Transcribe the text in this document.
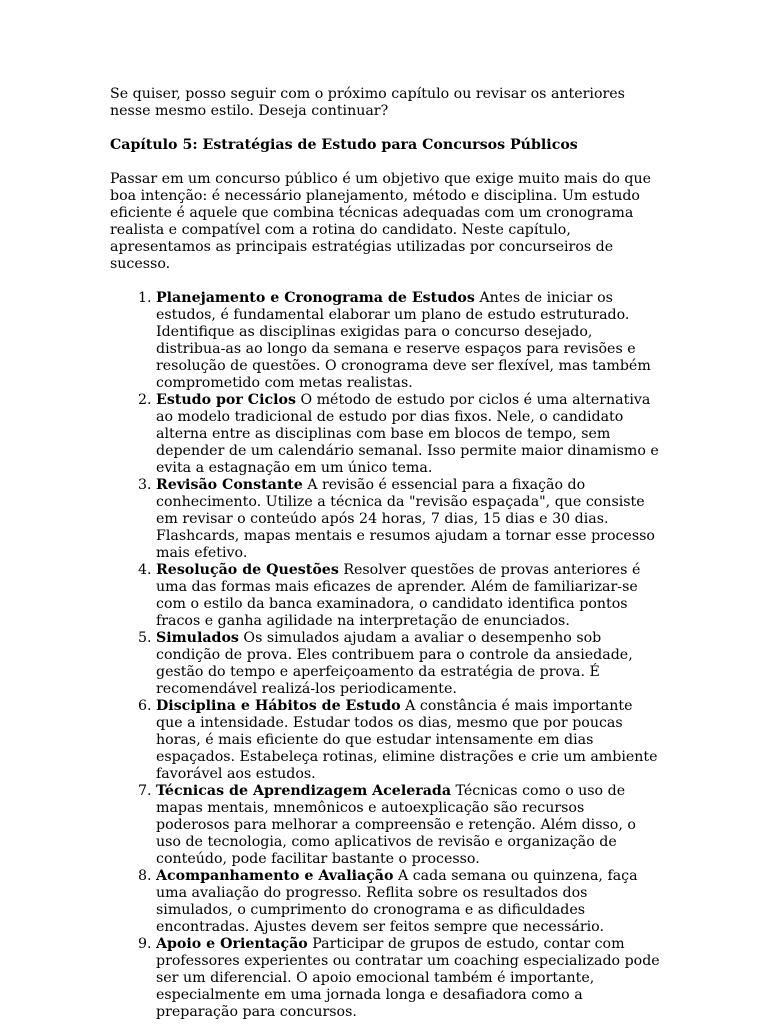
Se quiser, posso seguir com o próximo capítulo ou revisar os anteriores nesse mesmo estilo. Deseja continuar?

Capítulo 5: Estratégias de Estudo para Concursos Públicos

Passar em um concurso público é um objetivo que exige muito mais do que boa intenção: é necessário planejamento, método e disciplina. Um estudo eficiente é aquele que combina técnicas adequadas com um cronograma realista e compatível com a rotina do candidato. Neste capítulo, apresentamos as principais estratégias utilizadas por concurseiros de sucesso.

1. Planejamento e Cronograma de Estudos Antes de iniciar os estudos, é fundamental elaborar um plano de estudo estruturado. Identifique as disciplinas exigidas para o concurso desejado, distribua-as ao longo da semana e reserve espaços para revisões e resolução de questões. O cronograma deve ser flexível, mas também comprometido com metas realistas.
2. Estudo por Ciclos O método de estudo por ciclos é uma alternativa ao modelo tradicional de estudo por dias fixos. Nele, o candidato alterna entre as disciplinas com base em blocos de tempo, sem depender de um calendário semanal. Isso permite maior dinamismo e evita a estagnação em um único tema.
3. Revisão Constante A revisão é essencial para a fixação do conhecimento. Utilize a técnica da "revisão espaçada", que consiste em revisar o conteúdo após 24 horas, 7 dias, 15 dias e 30 dias. Flashcards, mapas mentais e resumos ajudam a tornar esse processo mais efetivo.
4. Resolução de Questões Resolver questões de provas anteriores é uma das formas mais eficazes de aprender. Além de familiarizar-se com o estilo da banca examinadora, o candidato identifica pontos fracos e ganha agilidade na interpretação de enunciados.
5. Simulados Os simulados ajudam a avaliar o desempenho sob condição de prova. Eles contribuem para o controle da ansiedade, gestão do tempo e aperfeiçoamento da estratégia de prova. É recomendável realizá-los periodicamente.
6. Disciplina e Hábitos de Estudo A constância é mais importante que a intensidade. Estudar todos os dias, mesmo que por poucas horas, é mais eficiente do que estudar intensamente em dias espaçados. Estabeleça rotinas, elimine distrações e crie um ambiente favorável aos estudos.
7. Técnicas de Aprendizagem Acelerada Técnicas como o uso de mapas mentais, mnemônicos e autoexplicação são recursos poderosos para melhorar a compreensão e retenção. Além disso, o uso de tecnologia, como aplicativos de revisão e organização de conteúdo, pode facilitar bastante o processo.
8. Acompanhamento e Avaliação A cada semana ou quinzena, faça uma avaliação do progresso. Reflita sobre os resultados dos simulados, o cumprimento do cronograma e as dificuldades encontradas. Ajustes devem ser feitos sempre que necessário.
9. Apoio e Orientação Participar de grupos de estudo, contar com professores experientes ou contratar um coaching especializado pode ser um diferencial. O apoio emocional também é importante, especialmente em uma jornada longa e desafiadora como a preparação para concursos.
